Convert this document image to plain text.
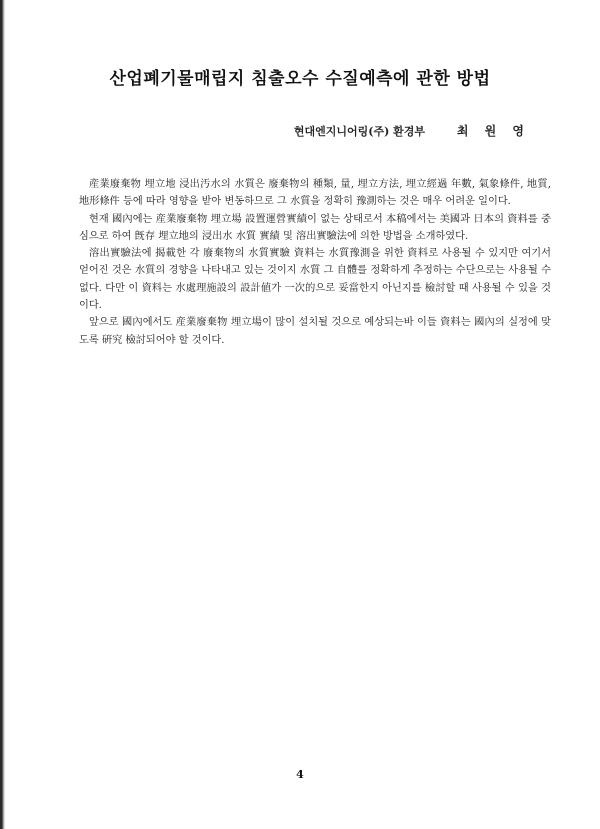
산업폐기물매립지 침출오수 수질예측에 관한 방법
현대엔지니어링(주) 환경부	최 원 영

産業廢棄物 埋立地 浸出汚水의 水質은 廢棄物의 種類, 量, 埋立方法, 埋立經過 年數, 氣象條件, 地質, 地形條件 등에 따라 영향을 받아 변동하므로 그 水質을 정확히 豫測하는 것은 매우 어려운 일이다.

현재 國內에는 産業廢棄物 埋立場 設置運營實績이 없는 상태로서 本稿에서는 美國과 日本의 資料를 중심으로 하여 旣存 埋立地의 浸出水 水質 實績 및 溶出實驗法에 의한 방법을 소개하였다.

溶出實驗法에 揭載한 각 廢棄物의 水質實驗 資料는 水質豫測을 위한 資料로 사용될 수 있지만 여기서 얻어진 것은 水質의 경향을 나타내고 있는 것이지 水質 그 自體를 정확하게 추정하는 수단으로는 사용될 수 없다. 다만 이 資料는 水處理施設의 設計値가 一次的으로 妥當한지 아닌지를 檢討할 때 사용될 수 있을 것이다.

앞으로 國內에서도 産業廢棄物 埋立場이 많이 설치될 것으로 예상되는바 이들 資料는 國內의 실정에 맞도록 硏究 檢討되어야 할 것이다.

4
